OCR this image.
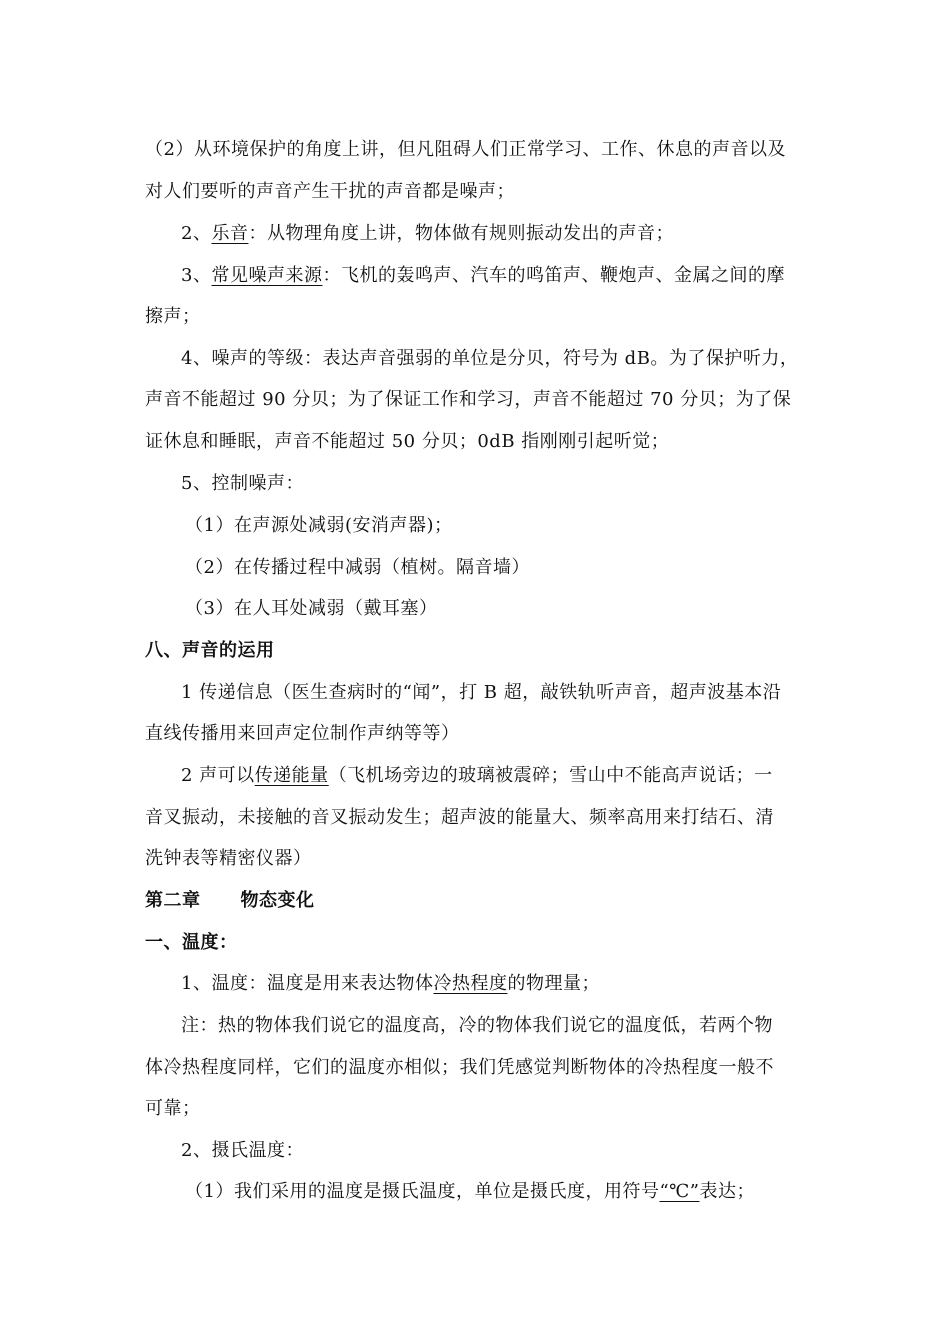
（2）从环境保护的角度上讲，但凡阻碍人们正常学习、工作、休息的声音以及
对人们要听的声音产生干扰的声音都是噪声；
2、乐音：从物理角度上讲，物体做有规则振动发出的声音；
3、常见噪声来源：飞机的轰鸣声、汽车的鸣笛声、鞭炮声、金属之间的摩
擦声；
4、噪声的等级：表达声音强弱的单位是分贝，符号为 dB。为了保护听力，
声音不能超过 90 分贝；为了保证工作和学习，声音不能超过 70 分贝；为了保
证休息和睡眠，声音不能超过 50 分贝；0dB 指刚刚引起听觉；
5、控制噪声：
（1）在声源处减弱(安消声器)；
（2）在传播过程中减弱（植树。隔音墙）
（3）在人耳处减弱（戴耳塞）
八、声音的运用
1 传递信息（医生查病时的“闻”，打 B 超，敲铁轨听声音，超声波基本沿
直线传播用来回声定位制作声纳等等）
2 声可以传递能量（飞机场旁边的玻璃被震碎；雪山中不能高声说话；一
音叉振动，未接触的音叉振动发生；超声波的能量大、频率高用来打结石、清
洗钟表等精密仪器）
第二章 物态变化
一、温度：
1、温度：温度是用来表达物体冷热程度的物理量；
注：热的物体我们说它的温度高，冷的物体我们说它的温度低，若两个物
体冷热程度同样，它们的温度亦相似；我们凭感觉判断物体的冷热程度一般不
可靠；
2、摄氏温度：
（1）我们采用的温度是摄氏温度，单位是摄氏度，用符号“℃”表达；
